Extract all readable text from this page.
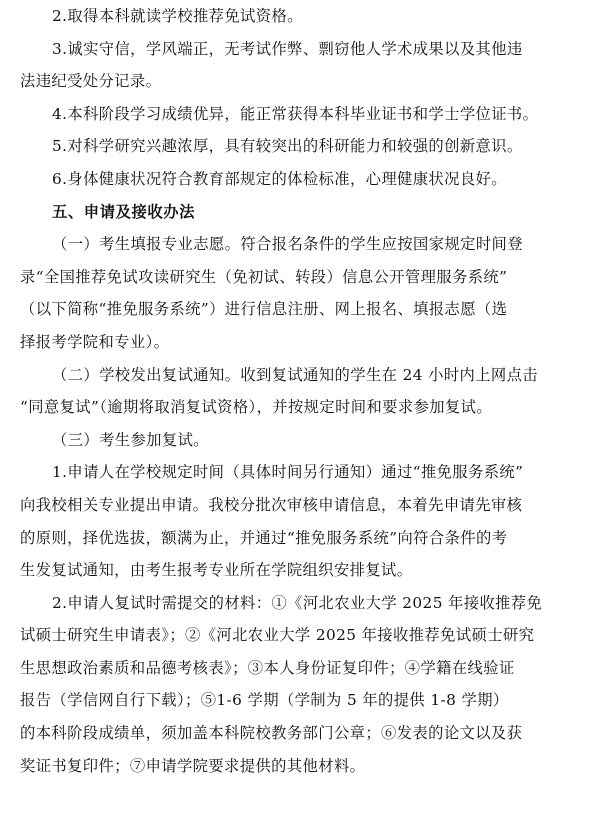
2.取得本科就读学校推荐免试资格。
3.诚实守信，学风端正，无考试作弊、剽窃他人学术成果以及其他违
法违纪受处分记录。
4.本科阶段学习成绩优异，能正常获得本科毕业证书和学士学位证书。
5.对科学研究兴趣浓厚，具有较突出的科研能力和较强的创新意识。
6.身体健康状况符合教育部规定的体检标准，心理健康状况良好。
五、申请及接收办法
（一）考生填报专业志愿。符合报名条件的学生应按国家规定时间登
录“全国推荐免试攻读研究生（免初试、转段）信息公开管理服务系统”
（以下简称“推免服务系统”）进行信息注册、网上报名、填报志愿（选
择报考学院和专业）。
（二）学校发出复试通知。收到复试通知的学生在 24 小时内上网点击
“同意复试”（逾期将取消复试资格），并按规定时间和要求参加复试。
（三）考生参加复试。
1.申请人在学校规定时间（具体时间另行通知）通过“推免服务系统”
向我校相关专业提出申请。我校分批次审核申请信息，本着先申请先审核
的原则，择优选拔，额满为止，并通过“推免服务系统”向符合条件的考
生发复试通知，由考生报考专业所在学院组织安排复试。
2.申请人复试时需提交的材料：①《河北农业大学 2025 年接收推荐免
试硕士研究生申请表》；②《河北农业大学 2025 年接收推荐免试硕士研究
生思想政治素质和品德考核表》；③本人身份证复印件；④学籍在线验证
报告（学信网自行下载）；⑤1-6 学期（学制为 5 年的提供 1-8 学期）
的本科阶段成绩单，须加盖本科院校教务部门公章；⑥发表的论文以及获
奖证书复印件；⑦申请学院要求提供的其他材料。
